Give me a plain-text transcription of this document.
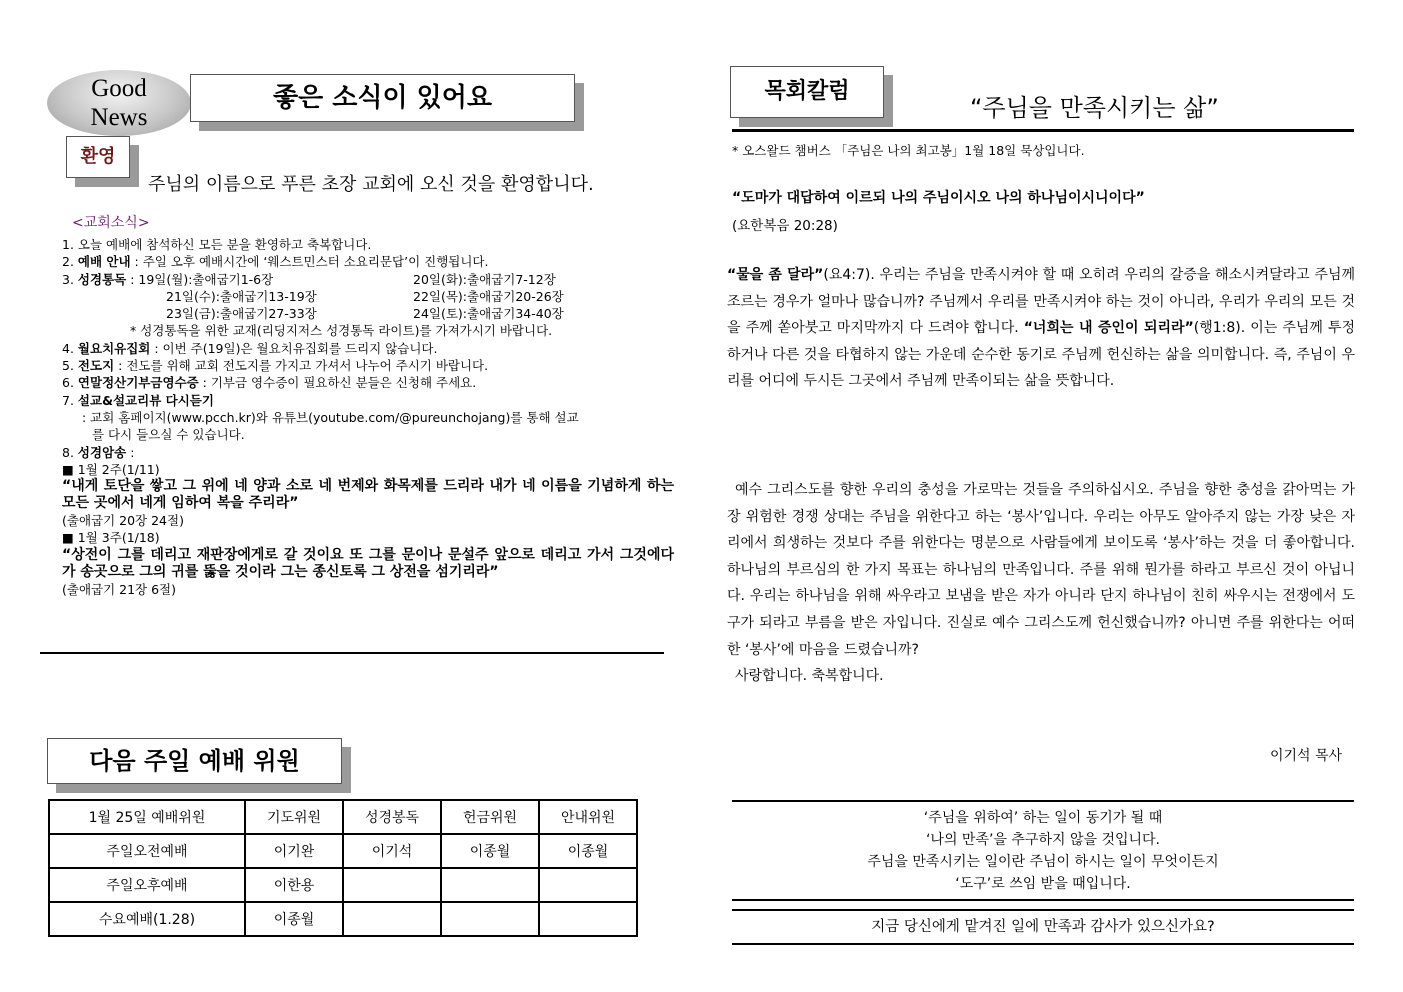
Good
News
좋은 소식이 있어요
환영
주님의 이름으로 푸른 초장 교회에 오신 것을 환영합니다.
<교회소식>
1. 오늘 예배에 참석하신 모든 분을 환영하고 축복합니다.
2. 예배 안내 : 주일 오후 예배시간에 ‘웨스트민스터 소요리문답’이 진행됩니다.
3. 성경통독 : 19일(월):출애굽기1-6장	20일(화):출애굽기7-12장
21일(수):출애굽기13-19장	22일(목):출애굽기20-26장
23일(금):출애굽기27-33장	24일(토):출애굽기34-40장
* 성경통독을 위한 교재(리딩지저스 성경통독 라이트)를 가져가시기 바랍니다.
4. 월요치유집회 : 이번 주(19일)은 월요치유집회를 드리지 않습니다.
5. 전도지 : 전도를 위해 교회 전도지를 가지고 가셔서 나누어 주시기 바랍니다.
6. 연말정산기부금영수증 : 기부금 영수증이 필요하신 분들은 신청해 주세요.
7. 설교&설교리뷰 다시듣기
: 교회 홈페이지(www.pcch.kr)와 유튜브(youtube.com/@pureunchojang)를 통해 설교
를 다시 들으실 수 있습니다.
8. 성경암송 :
■ 1월 2주(1/11)
“내게 토단을 쌓고 그 위에 네 양과 소로 네 번제와 화목제를 드리라 내가 네 이름을 기념하게 하는 모든 곳에서 네게 임하여 복을 주리라”
(출애굽기 20장 24절)
■ 1월 3주(1/18)
“상전이 그를 데리고 재판장에게로 갈 것이요 또 그를 문이나 문설주 앞으로 데리고 가서 그것에다가 송곳으로 그의 귀를 뚫을 것이라 그는 종신토록 그 상전을 섬기리라”
(출애굽기 21장 6절)
다음 주일 예배 위원
1월 25일 예배위원	기도위원	성경봉독	헌금위원	안내위원
주일오전예배	이기완	이기석	이종월	이종월
주일오후예배	이한용			
수요예배(1.28)	이종월			
목회칼럼
“주님을 만족시키는 삶”
* 오스왈드 챔버스 「주님은 나의 최고봉」1월 18일 묵상입니다.
“도마가 대답하여 이르되 나의 주님이시오 나의 하나님이시니이다”
(요한복음 20:28)
“물을 좀 달라”(요4:7). 우리는 주님을 만족시켜야 할 때 오히려 우리의 갈증을 해소시켜달라고 주님께 조르는 경우가 얼마나 많습니까? 주님께서 우리를 만족시켜야 하는 것이 아니라, 우리가 우리의 모든 것을 주께 쏟아붓고 마지막까지 다 드려야 합니다. “너희는 내 증인이 되리라”(행1:8). 이는 주님께 투정하거나 다른 것을 타협하지 않는 가운데 순수한 동기로 주님께 헌신하는 삶을 의미합니다. 즉, 주님이 우리를 어디에 두시든 그곳에서 주님께 만족이되는 삶을 뜻합니다.
예수 그리스도를 향한 우리의 충성을 가로막는 것들을 주의하십시오. 주님을 향한 충성을 갉아먹는 가장 위험한 경쟁 상대는 주님을 위한다고 하는 ‘봉사’입니다. 우리는 아무도 알아주지 않는 가장 낮은 자리에서 희생하는 것보다 주를 위한다는 명분으로 사람들에게 보이도록 ‘봉사’하는 것을 더 좋아합니다. 하나님의 부르심의 한 가지 목표는 하나님의 만족입니다. 주를 위해 뭔가를 하라고 부르신 것이 아닙니다. 우리는 하나님을 위해 싸우라고 보냄을 받은 자가 아니라 단지 하나님이 친히 싸우시는 전쟁에서 도구가 되라고 부름을 받은 자입니다. 진실로 예수 그리스도께 헌신했습니까? 아니면 주를 위한다는 어떠한 ‘봉사’에 마음을 드렸습니까?
사랑합니다. 축복합니다.
이기석 목사
‘주님을 위하여’ 하는 일이 동기가 될 때
‘나의 만족’을 추구하지 않을 것입니다.
주님을 만족시키는 일이란 주님이 하시는 일이 무엇이든지
‘도구’로 쓰임 받을 때입니다.
지금 당신에게 맡겨진 일에 만족과 감사가 있으신가요?
